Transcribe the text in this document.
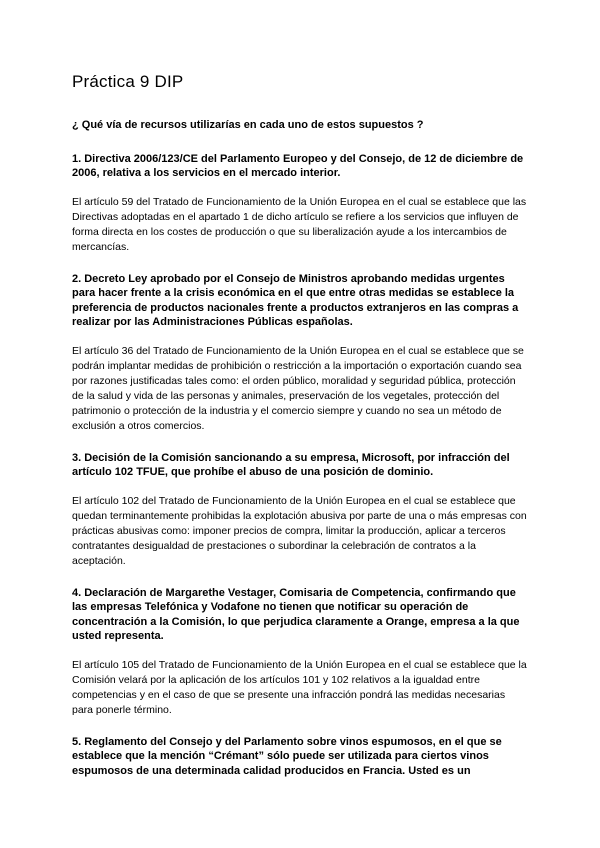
Práctica 9 DIP

¿ Qué vía de recursos utilizarías en cada uno de estos supuestos ?

1. Directiva 2006/123/CE del Parlamento Europeo y del Consejo, de 12 de diciembre de 2006, relativa a los servicios en el mercado interior.

El artículo 59 del Tratado de Funcionamiento de la Unión Europea en el cual se establece que las Directivas adoptadas en el apartado 1 de dicho artículo se refiere a los servicios que influyen de forma directa en los costes de producción o que su liberalización ayude a los intercambios de mercancías.

2. Decreto Ley aprobado por el Consejo de Ministros aprobando medidas urgentes para hacer frente a la crisis económica en el que entre otras medidas se establece la preferencia de productos nacionales frente a productos extranjeros en las compras a realizar por las Administraciones Públicas españolas.

El artículo 36 del Tratado de Funcionamiento de la Unión Europea en el cual se establece que se podrán implantar medidas de prohibición o restricción a la importación o exportación cuando sea por razones justificadas tales como: el orden público, moralidad y seguridad pública, protección de la salud y vida de las personas y animales, preservación de los vegetales, protección del patrimonio o protección de la industria y el comercio siempre y cuando no sea un método de exclusión a otros comercios.

3. Decisión de la Comisión sancionando a su empresa, Microsoft, por infracción del artículo 102 TFUE, que prohíbe el abuso de una posición de dominio.

El artículo 102 del Tratado de Funcionamiento de la Unión Europea en el cual se establece que quedan terminantemente prohibidas la explotación abusiva por parte de una o más empresas con prácticas abusivas como: imponer precios de compra, limitar la producción, aplicar a terceros contratantes desigualdad de prestaciones o subordinar la celebración de contratos a la aceptación.

4. Declaración de Margarethe Vestager, Comisaria de Competencia, confirmando que las empresas Telefónica y Vodafone no tienen que notificar su operación de concentración a la Comisión, lo que perjudica claramente a Orange, empresa a la que usted representa.

El artículo 105 del Tratado de Funcionamiento de la Unión Europea en el cual se establece que la Comisión velará por la aplicación de los artículos 101 y 102 relativos a la igualdad entre competencias y en el caso de que se presente una infracción pondrá las medidas necesarias para ponerle término.

5. Reglamento del Consejo y del Parlamento sobre vinos espumosos, en el que se establece que la mención “Crémant” sólo puede ser utilizada para ciertos vinos espumosos de una determinada calidad producidos en Francia. Usted es un
